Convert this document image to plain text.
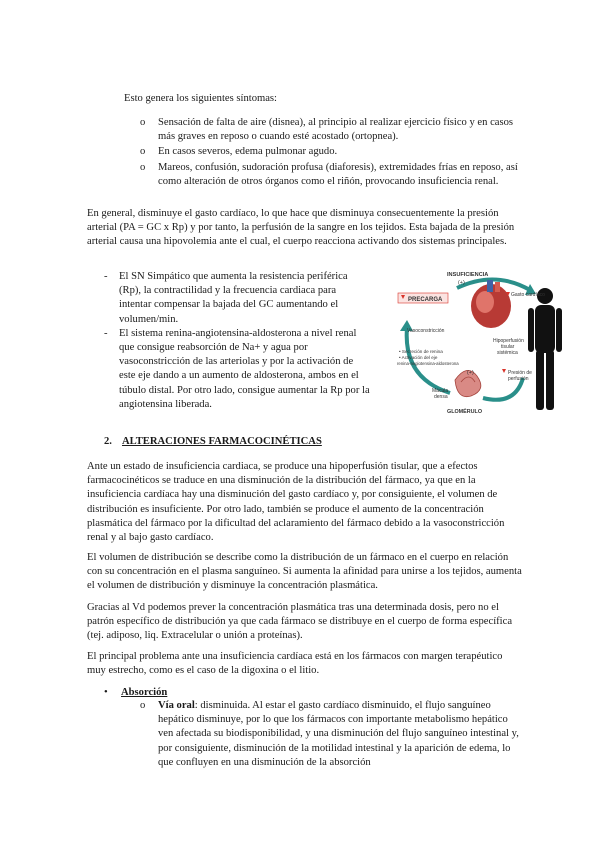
Esto genera los siguientes síntomas:

o Sensación de falta de aire (disnea), al principio al realizar ejercicio físico y en casos más graves en reposo o cuando esté acostado (ortopnea).
o En casos severos, edema pulmonar agudo.
o Mareos, confusión, sudoración profusa (diaforesis), extremidades frías en reposo, así como alteración de otros órganos como el riñón, provocando insuficiencia renal.

En general, disminuye el gasto cardíaco, lo que hace que disminuya consecuentemente la presión arterial (PA = GC x Rp) y por tanto, la perfusión de la sangre en los tejidos. Esta bajada de la presión arterial causa una hipovolemia ante el cual, el cuerpo reacciona activando dos sistemas principales.

- El SN Simpático que aumenta la resistencia periférica (Rp), la contractilidad y la frecuencia cardiaca para intentar compensar la bajada del GC aumentando el volumen/min.
- El sistema renina-angiotensina-aldosterona a nivel renal que consigue reabsorción de Na+ y agua por vasoconstricción de las arteriolas y por la activación de este eje dando a un aumento de aldosterona, ambos en el túbulo distal. Por otro lado, consigue aumentar la Rp por la angiotensina liberada.
INSUFICIENCIA
(+)
PRECARGA
Gasto cardíaco
Vasoconstricción
Hipoperfusión
tisular
sistémica
• Secreción de renina
• Activación del eje
renina-angiotensina-aldosterona
(+)	Presión de
perfusión
Mácula
densa
GLOMÉRULO

2. ALTERACIONES FARMACOCINÉTICAS

Ante un estado de insuficiencia cardiaca, se produce una hipoperfusión tisular, que a efectos farmacocinéticos se traduce en una disminución de la distribución del fármaco, ya que en la insuficiencia cardíaca hay una disminución del gasto cardíaco y, por consiguiente, el volumen de distribución es insuficiente. Por otro lado, también se produce el aumento de la concentración plasmática del fármaco por la dificultad del aclaramiento del fármaco debido a la vasoconstricción renal y al bajo gasto cardíaco.

El volumen de distribución se describe como la distribución de un fármaco en el cuerpo en relación con su concentración en el plasma sanguíneo. Si aumenta la afinidad para unirse a los tejidos, aumenta el volumen de distribución y disminuye la concentración plasmática.

Gracias al Vd podemos prever la concentración plasmática tras una determinada dosis, pero no el patrón específico de distribución ya que cada fármaco se distribuye en el cuerpo de forma específica (tej. adiposo, liq. Extracelular o unión a proteínas).

El principal problema ante una insuficiencia cardíaca está en los fármacos con margen terapéutico muy estrecho, como es el caso de la digoxina o el litio.

• Absorción

o Vía oral: disminuida. Al estar el gasto cardíaco disminuido, el flujo sanguíneo hepático disminuye, por lo que los fármacos con importante metabolismo hepático ven afectada su biodisponibilidad, y una disminución del flujo sanguíneo intestinal y, por consiguiente, disminución de la motilidad intestinal y la aparición de edema, lo que confluyen en una disminución de la absorción
